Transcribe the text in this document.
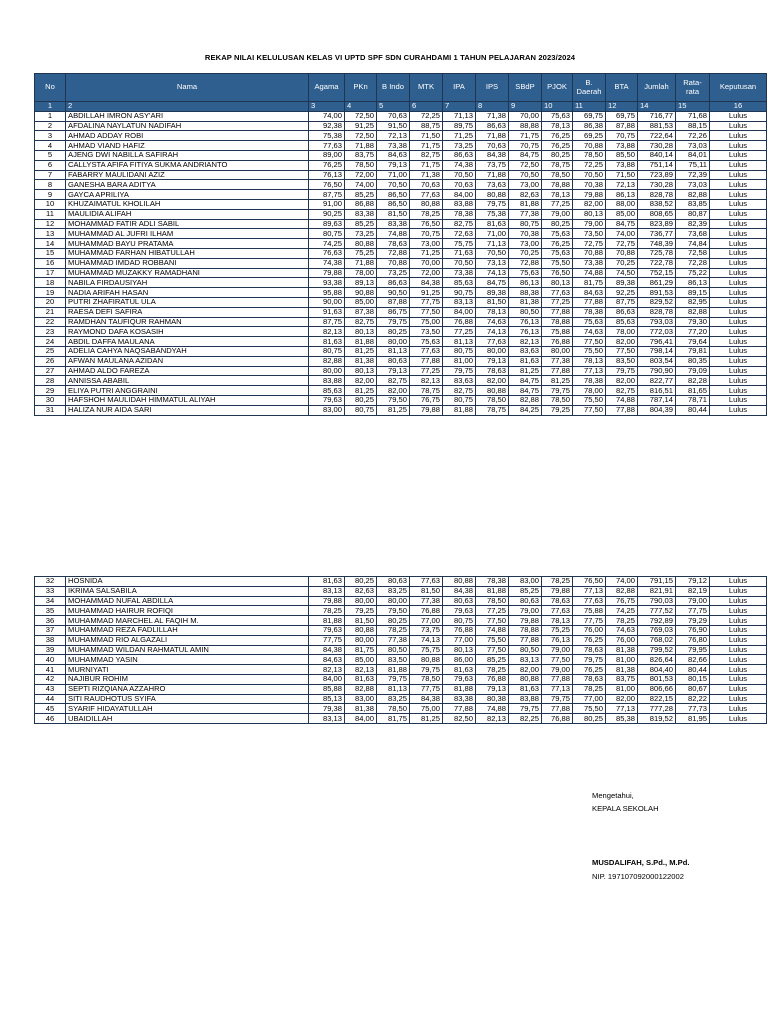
REKAP NILAI KELULUSAN KELAS VI UPTD SPF SDN CURAHDAMI 1 TAHUN PELAJARAN 2023/2024
No	Nama	Agama	PKn	B Indo	MTK	IPA	IPS	SBdP	PJOK	B. Daerah	BTA	Jumlah	Rata-rata	Keputusan
1	2	3	4	5	6	7	8	9	10	11	12	14	15	16
1	ABDILLAH IMRON ASY'ARI	74,00	72,50	70,63	72,25	71,13	71,38	70,00	75,63	69,75	69,75	716,77	71,68	Lulus
2	AFDALINA NAYLATUN NADIFAH	92,38	91,25	91,50	88,75	89,75	86,63	88,88	78,13	86,38	87,88	881,53	88,15	Lulus
3	AHMAD ADDAY ROBI	75,38	72,50	72,13	71,50	71,25	71,88	71,75	76,25	69,25	70,75	722,64	72,26	Lulus
4	AHMAD VIAND HAFIZ	77,63	71,88	73,38	71,75	73,25	70,63	70,75	76,25	70,88	73,88	730,28	73,03	Lulus
5	AJENG DWI NABILLA SAFIRAH	89,00	83,75	84,63	82,75	86,63	84,38	84,75	80,25	78,50	85,50	840,14	84,01	Lulus
6	CALLYSTA AFIFA FITIYA SUKMA ANDRIANTO	76,25	78,50	79,13	71,75	74,38	73,75	72,50	78,75	72,25	73,88	751,14	75,11	Lulus
7	FABARRY MAULIDANI AZIZ	76,13	72,00	71,00	71,38	70,50	71,88	70,50	78,50	70,50	71,50	723,89	72,39	Lulus
8	GANESHA BARA ADITYA	76,50	74,00	70,50	70,63	70,63	73,63	73,00	78,88	70,38	72,13	730,28	73,03	Lulus
9	GAYCA APRILIYA	87,75	85,25	86,50	77,63	84,00	80,88	82,63	78,13	79,88	86,13	828,78	82,88	Lulus
10	KHUZAIMATUL KHOLILAH	91,00	86,88	86,50	80,88	83,88	79,75	81,88	77,25	82,00	88,00	838,52	83,85	Lulus
11	MAULIDIA ALIFAH	90,25	83,38	81,50	78,25	78,38	75,38	77,38	79,00	80,13	85,00	808,65	80,87	Lulus
12	MOHAMMAD FATIR ADLI SABIL	89,63	85,25	83,38	76,50	82,75	81,63	80,75	80,25	79,00	84,75	823,89	82,39	Lulus
13	MUHAMMAD AL JUFRI ILHAM	80,75	73,25	74,88	70,75	72,63	71,00	70,38	75,63	73,50	74,00	736,77	73,68	Lulus
14	MUHAMMAD BAYU PRATAMA	74,25	80,88	78,63	73,00	75,75	71,13	73,00	76,25	72,75	72,75	748,39	74,84	Lulus
15	MUHAMMAD FARHAN HIBATULLAH	76,63	75,25	72,88	71,25	71,63	70,50	70,25	75,63	70,88	70,88	725,78	72,58	Lulus
16	MUHAMMAD IMDAD ROBBANI	74,38	71,88	70,88	70,00	70,50	73,13	72,88	75,50	73,38	70,25	722,78	72,28	Lulus
17	MUHAMMAD MUZAKKY RAMADHANI	79,88	78,00	73,25	72,00	73,38	74,13	75,63	76,50	74,88	74,50	752,15	75,22	Lulus
18	NABILA FIRDAUSIYAH	93,38	89,13	86,63	84,38	85,63	84,75	86,13	80,13	81,75	89,38	861,29	86,13	Lulus
19	NADIA ARIFAH HASAN	95,88	90,88	90,50	91,25	90,75	89,38	88,38	77,63	84,63	92,25	891,53	89,15	Lulus
20	PUTRI ZHAFIRATUL ULA	90,00	85,00	87,88	77,75	83,13	81,50	81,38	77,25	77,88	87,75	829,52	82,95	Lulus
21	RAESA DEFI SAFIRA	91,63	87,38	86,75	77,50	84,00	78,13	80,50	77,88	78,38	86,63	828,78	82,88	Lulus
22	RAMDHAN TAUFIQUR RAHMAN	87,75	82,75	79,75	75,00	76,88	74,63	76,13	78,88	75,63	85,63	793,03	79,30	Lulus
23	RAYMOND DAFA KOSASIH	82,13	80,13	80,25	73,50	77,25	74,13	76,13	75,88	74,63	78,00	772,03	77,20	Lulus
24	ABDIL DAFFA MAULANA	81,63	81,88	80,00	75,63	81,13	77,63	82,13	76,88	77,50	82,00	796,41	79,64	Lulus
25	ADELIA CAHYA NAQSABANDYAH	80,75	81,25	81,13	77,63	80,75	80,00	83,63	80,00	75,50	77,50	798,14	79,81	Lulus
26	AFWAN MAULANA AZIDAN	82,88	81,38	80,63	77,88	81,00	79,13	81,63	77,38	78,13	83,50	803,54	80,35	Lulus
27	AHMAD ALDO FAREZA	80,00	80,13	79,13	77,25	79,75	78,63	81,25	77,88	77,13	79,75	790,90	79,09	Lulus
28	ANNISSA ABABIL	83,88	82,00	82,75	82,13	83,63	82,00	84,75	81,25	78,38	82,00	822,77	82,28	Lulus
29	ELIYA PUTRI ANGGRAINI	85,63	81,25	82,00	78,75	82,75	80,88	84,75	79,75	78,00	82,75	816,51	81,65	Lulus
30	HAFSHOH MAULIDAH HIMMATUL ALIYAH	79,63	80,25	79,50	76,75	80,75	78,50	82,88	78,50	75,50	74,88	787,14	78,71	Lulus
31	HALIZA NUR AIDA SARI	83,00	80,75	81,25	79,88	81,88	78,75	84,25	79,25	77,50	77,88	804,39	80,44	Lulus
32	HOSNIDA	81,63	80,25	80,63	77,63	80,88	78,38	83,00	78,25	76,50	74,00	791,15	79,12	Lulus
33	IKRIMA SALSABILA	83,13	82,63	83,25	81,50	84,38	81,88	85,25	79,88	77,13	82,88	821,91	82,19	Lulus
34	MOHAMMAD NUFAL ABDILLA	79,88	80,00	80,00	77,38	80,63	78,50	80,63	78,63	77,63	76,75	790,03	79,00	Lulus
35	MUHAMMAD HAIRUR ROFIQI	78,25	79,25	79,50	76,88	79,63	77,25	79,00	77,63	75,88	74,25	777,52	77,75	Lulus
36	MUHAMMAD MARCHEL AL FAQIH M.	81,88	81,50	80,25	77,00	80,75	77,50	79,88	78,13	77,75	78,25	792,89	79,29	Lulus
37	MUHAMMAD REZA FADLILLAH	79,63	80,88	78,25	73,75	76,88	74,88	78,88	75,25	76,00	74,63	769,03	76,90	Lulus
38	MUHAMMAD RIO ALGAZALI	77,75	80,00	77,38	74,13	77,00	75,50	77,88	76,13	76,25	76,00	768,02	76,80	Lulus
39	MUHAMMAD WILDAN RAHMATUL AMIN	84,38	81,75	80,50	75,75	80,13	77,50	80,50	79,00	78,63	81,38	799,52	79,95	Lulus
40	MUHAMMAD YASIN	84,63	85,00	83,50	80,88	86,00	85,25	83,13	77,50	79,75	81,00	826,64	82,66	Lulus
41	MURNIYATI	82,13	82,13	81,88	79,75	81,63	78,25	82,00	79,00	76,25	81,38	804,40	80,44	Lulus
42	NAJIBUR ROHIM	84,00	81,63	79,75	78,50	79,63	76,88	80,88	77,88	78,63	83,75	801,53	80,15	Lulus
43	SEPTI RIZQIANA AZZAHRO	85,88	82,88	81,13	77,75	81,88	79,13	81,63	77,13	78,25	81,00	806,66	80,67	Lulus
44	SITI RAUDHOTUS SYIFA	85,13	83,00	83,25	84,38	83,38	80,38	83,88	79,75	77,00	82,00	822,15	82,22	Lulus
45	SYARIF HIDAYATULLAH	79,38	81,38	78,50	75,00	77,88	74,88	79,75	77,88	75,50	77,13	777,28	77,73	Lulus
46	UBAIDILLAH	83,13	84,00	81,75	81,25	82,50	82,13	82,25	76,88	80,25	85,38	819,52	81,95	Lulus
Mengetahui,
KEPALA SEKOLAH
MUSDALIFAH, S.Pd., M.Pd.
NIP. 197107092000122002
